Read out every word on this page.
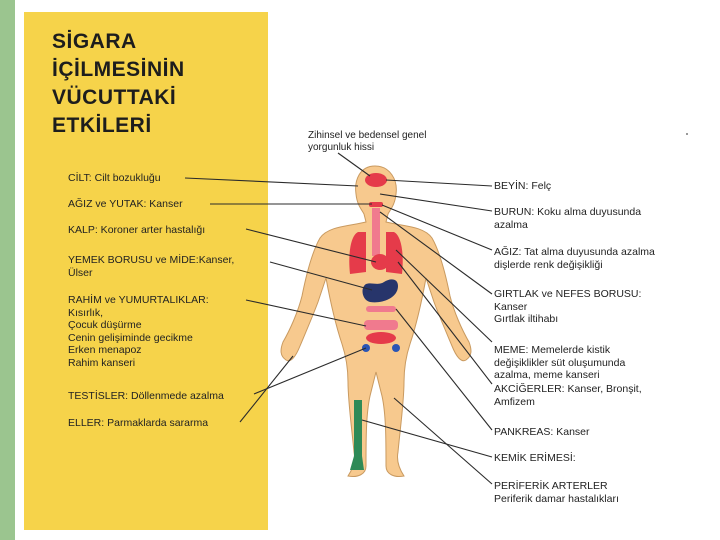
SİGARA
İÇİLMESİNİN
VÜCUTTAKİ
ETKİLERİ	Zihinsel ve bedensel genel
yorgunluk hissi
CİLT: Cilt bozukluğu
AĞIZ ve YUTAK: Kanser
KALP: Koroner arter hastalığı
YEMEK BORUSU ve MİDE:Kanser,
Ülser
RAHİM ve YUMURTALIKLAR:
Kısırlık,
Çocuk düşürme
Cenin gelişiminde gecikme
Erken menapoz
Rahim kanseri
TESTİSLER: Döllenmede azalma
ELLER: Parmaklarda sararma
BEYİN: Felç
BURUN: Koku alma duyusunda
azalma
AĞIZ: Tat alma duyusunda azalma
dişlerde renk değişikliği
GIRTLAK ve NEFES BORUSU:
Kanser
Gırtlak iltihabı
MEME: Memelerde kistik
değişiklikler süt oluşumunda
azalma, meme kanseri
AKCİĞERLER: Kanser, Bronşit,
Amfizem
PANKREAS: Kanser
KEMİK ERİMESİ:
PERİFERİK ARTERLER
Periferik damar hastalıkları
